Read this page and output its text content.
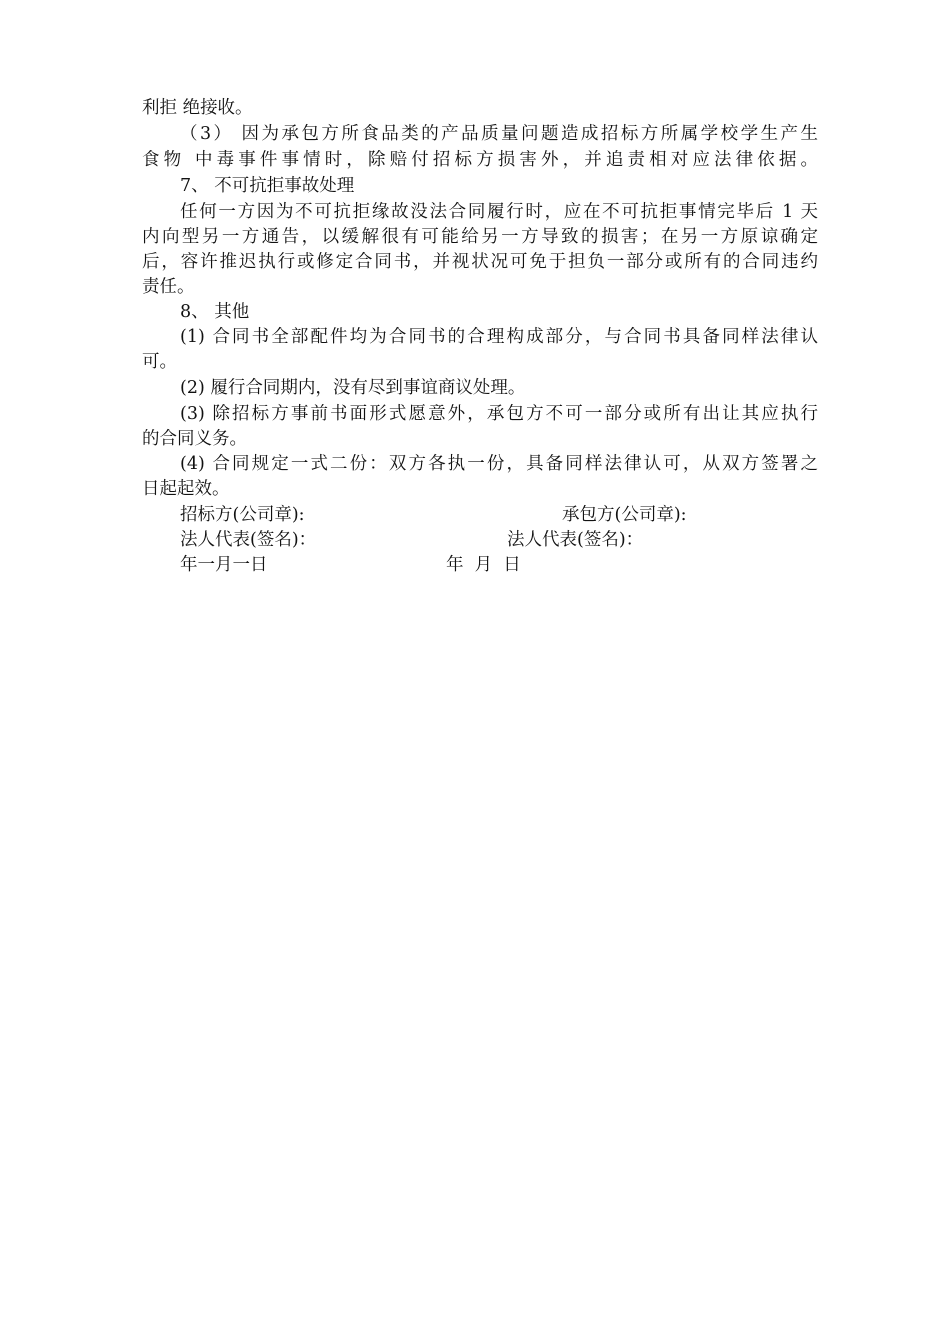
利拒 绝接收。
（3） 因为承包方所食品类的产品质量问题造成招标方所属学校学生产生
食物 中毒事件事情时，除赔付招标方损害外，并追责相对应法律依据。
7、 不可抗拒事故处理
任何一方因为不可抗拒缘故没法合同履行时，应在不可抗拒事情完毕后 1 天
内向型另一方通告，以缓解很有可能给另一方导致的损害；在另一方原谅确定
后，容许推迟执行或修定合同书，并视状况可免于担负一部分或所有的合同违约
责任。
8、 其他
(1) 合同书全部配件均为合同书的合理构成部分，与合同书具备同样法律认
可。
(2) 履行合同期内，没有尽到事谊商议处理。
(3) 除招标方事前书面形式愿意外，承包方不可一部分或所有出让其应执行
的合同义务。
(4) 合同规定一式二份：双方各执一份，具备同样法律认可，从双方签署之
日起起效。
招标方(公司章):	承包方(公司章):
法人代表(签名)：	法人代表(签名)：
年一月一日	年  月  日
